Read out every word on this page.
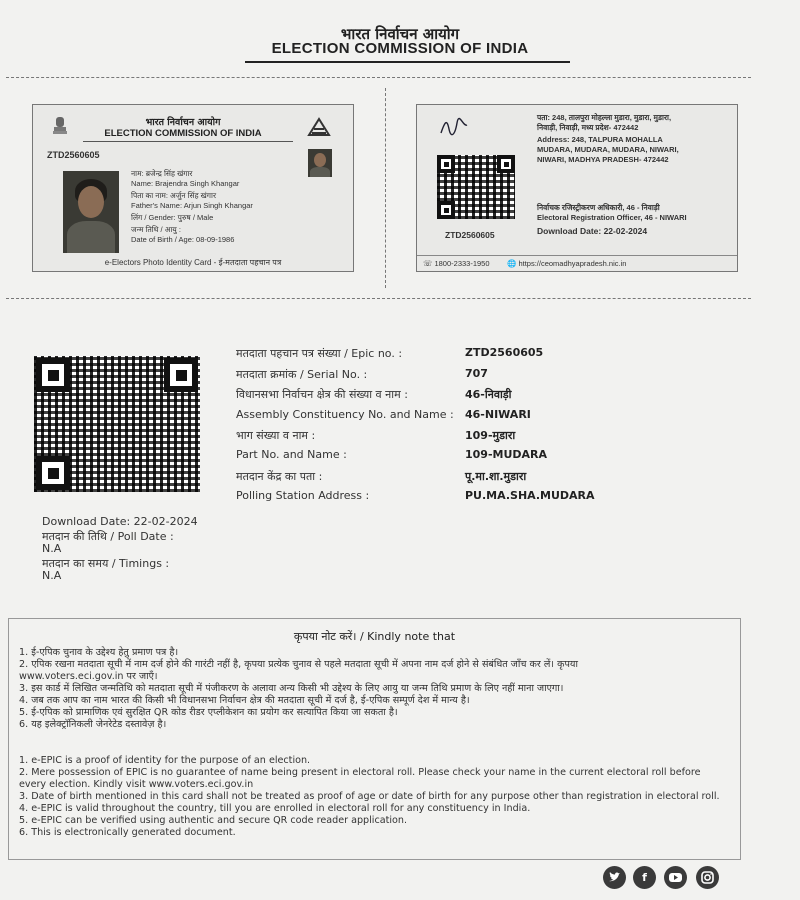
भारत निर्वाचन आयोग
ELECTION COMMISSION OF INDIA
भारत निर्वाचन आयोग
ELECTION COMMISSION OF INDIA
ZTD2560605
नाम: ब्रजेन्द्र सिंह खंगार
Name: Brajendra Singh Khangar
पिता का नाम: अर्जुन सिंह खंगार
Father's Name: Arjun Singh Khangar
लिंग / Gender: पुरुष / Male
जन्म तिथि / आयु :
Date of Birth / Age: 08-09-1986
e-Electors Photo Identity Card - ई-मतदाता पहचान पत्र
पता: 248, तालपुरा मोहल्ला मुडारा, मुडारा, मुडारा,
निवाड़ी, निवाड़ी, मध्य प्रदेश- 472442
Address: 248, TALPURA MOHALLA
MUDARA, MUDARA, MUDARA, NIWARI,
NIWARI, MADHYA PRADESH- 472442
ZTD2560605
निर्वाचक रजिस्ट्रीकरण अधिकारी, 46 - निवाड़ी
Electoral Registration Officer, 46 - NIWARI
Download Date: 22-02-2024
☏ 1800-2333-1950 🌐 https://ceomadhyapradesh.nic.in
मतदाता पहचान पत्र संख्या / Epic no. :	ZTD2560605
मतदाता क्रमांक / Serial No. :	707
विधानसभा निर्वाचन क्षेत्र की संख्या व नाम :	46-निवाड़ी
Assembly Constituency No. and Name : 46-NIWARI
भाग संख्या व नाम :	109-मुडारा
Part No. and Name :	109-MUDARA
मतदान केंद्र का पता :	पू.मा.शा.मुडारा
Polling Station Address :	PU.MA.SHA.MUDARA
Download Date: 22-02-2024
मतदान की तिथि / Poll Date :
N.A
मतदान का समय / Timings :
N.A
कृपया नोट करें। / Kindly note that
1. ई-एपिक चुनाव के उद्देश्य हेतु प्रमाण पत्र है।
2. एपिक रखना मतदाता सूची में नाम दर्ज होने की गारंटी नहीं है, कृपया प्रत्येक चुनाव से पहले मतदाता सूची में अपना नाम दर्ज होने से संबंधित जाँच कर लें। कृपया
www.voters.eci.gov.in पर जाएँ।
3. इस कार्ड में लिखित जन्मतिथि को मतदाता सूची में पंजीकरण के अलावा अन्य किसी भी उद्देश्य के लिए आयु या जन्म तिथि प्रमाण के लिए नहीं माना जाएगा।
4. जब तक आप का नाम भारत की किसी भी विधानसभा निर्वाचन क्षेत्र की मतदाता सूची में दर्ज है, ई-एपिक सम्पूर्ण देश में मान्य है।
5. ई-एपिक को प्रामाणिक एवं सुरक्षित QR कोड रीडर एप्लीकेशन का प्रयोग कर सत्यापित किया जा सकता है।
6. यह इलेक्ट्रॉनिकली जेनरेटेड दस्तावेज़ है।
1. e-EPIC is a proof of identity for the purpose of an election.
2. Mere possession of EPIC is no guarantee of name being present in electoral roll. Please check your name in the current electoral roll before
every election. Kindly visit www.voters.eci.gov.in
3. Date of birth mentioned in this card shall not be treated as proof of age or date of birth for any purpose other than registration in electoral roll.
4. e-EPIC is valid throughout the country, till you are enrolled in electoral roll for any constituency in India.
5. e-EPIC can be verified using authentic and secure QR code reader application.
6. This is electronically generated document.
f
